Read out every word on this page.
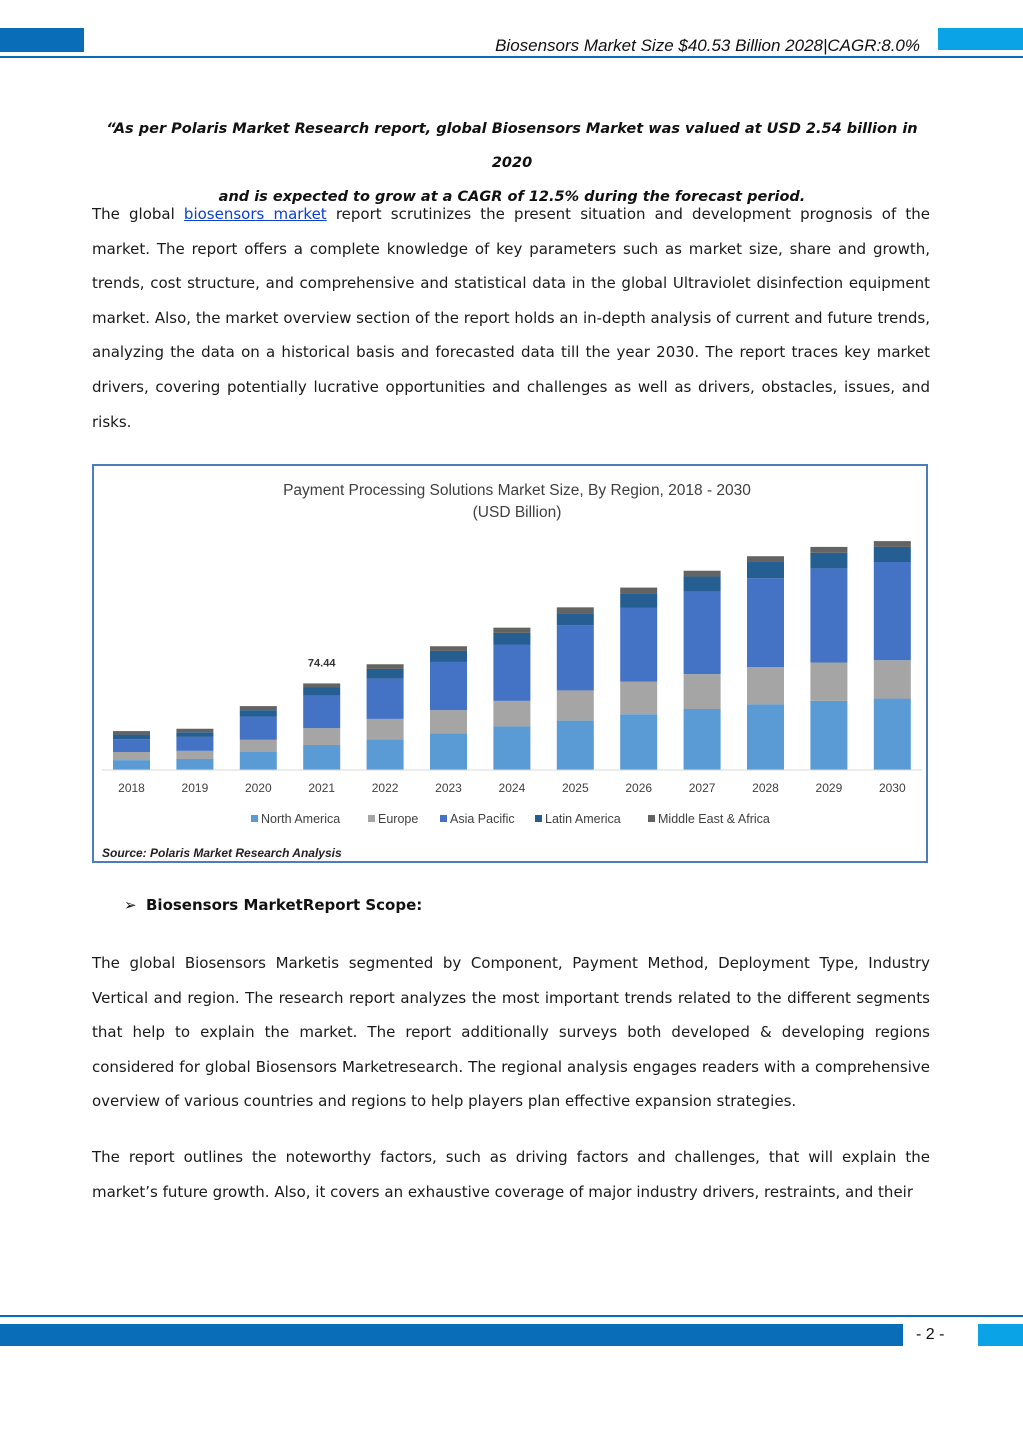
Biosensors Market Size $40.53 Billion 2028|CAGR:8.0%
“As per Polaris Market Research report, global Biosensors Market was valued at USD 2.54 billion in 2020
and is expected to grow at a CAGR of 12.5% during the forecast period.

The global biosensors market report scrutinizes the present situation and development prognosis of the market. The report offers a complete knowledge of key parameters such as market size, share and growth, trends, cost structure, and comprehensive and statistical data in the global Ultraviolet disinfection equipment market. Also, the market overview section of the report holds an in-depth analysis of current and future trends, analyzing the data on a historical basis and forecasted data till the year 2030. The report traces key market drivers, covering potentially lucrative opportunities and challenges as well as drivers, obstacles, issues, and risks.

Payment Processing Solutions Market Size, By Region, 2018 - 2030
(USD Billion)
2018	2019	2020	2021	2022	2023	2024	2025	2026	2027	2028	2029	2030
74.44
North America	Europe	Asia Pacific Latin America	Middle East & Africa
Source: Polaris Market Research Analysis
➢ Biosensors MarketReport Scope:

The global Biosensors Marketis segmented by Component, Payment Method, Deployment Type, Industry Vertical and region. The research report analyzes the most important trends related to the different segments that help to explain the market. The report additionally surveys both developed & developing regions considered for global Biosensors Marketresearch. The regional analysis engages readers with a comprehensive overview of various countries and regions to help players plan effective expansion strategies.

The report outlines the noteworthy factors, such as driving factors and challenges, that will explain the market’s future growth. Also, it covers an exhaustive coverage of major industry drivers, restraints, and their

- 2 -
